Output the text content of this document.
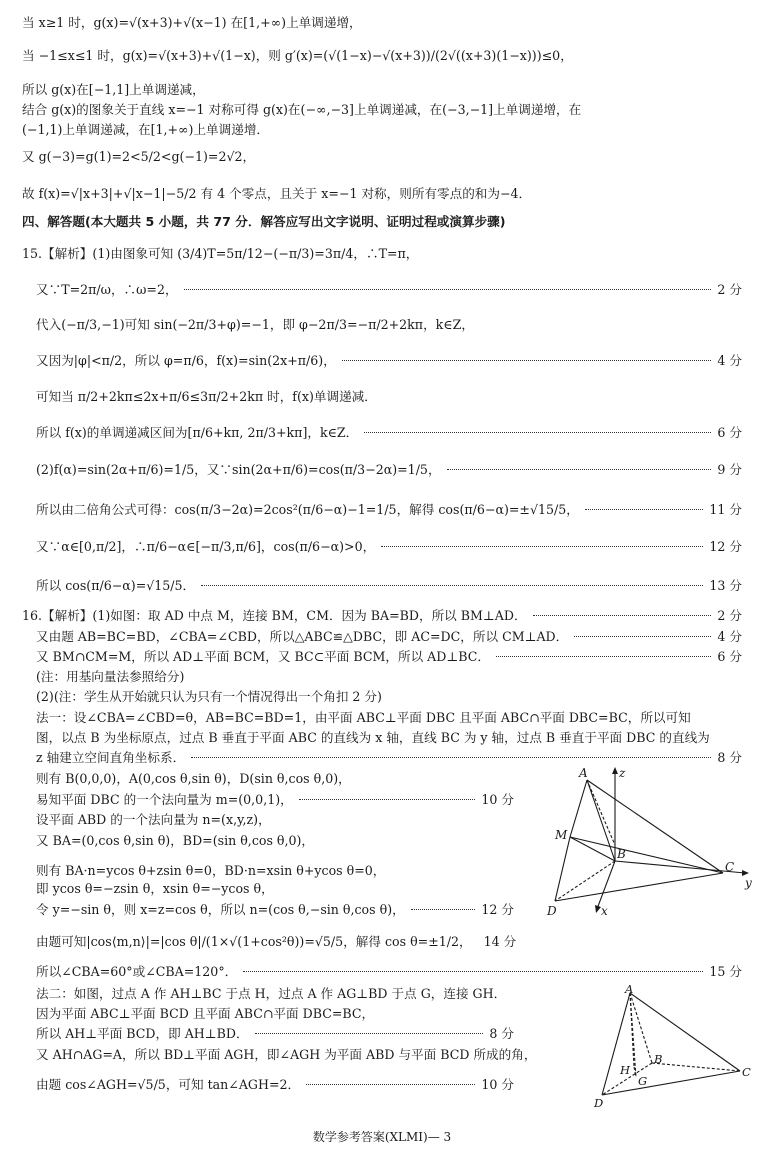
当 x≥1 时，g(x)=√(x+3)+√(x−1) 在[1,+∞)上单调递增，
当 −1≤x≤1 时，g(x)=√(x+3)+√(1−x)，则 g′(x)=(√(1−x)−√(x+3))/(2√((x+3)(1−x)))≤0，
所以 g(x)在[−1,1]上单调递减，
结合 g(x)的图象关于直线 x=−1 对称可得 g(x)在(−∞,−3]上单调递减，在(−3,−1]上单调递增，在
(−1,1)上单调递减，在[1,+∞)上单调递增．
又 g(−3)=g(1)=2<5/2<g(−1)=2√2，
故 f(x)=√|x+3|+√|x−1|−5/2 有 4 个零点，且关于 x=−1 对称，则所有零点的和为−4．
四、解答题(本大题共 5 小题，共 77 分．解答应写出文字说明、证明过程或演算步骤)
15.【解析】(1)由图象可知 (3/4)T=5π/12−(−π/3)=3π/4，∴T=π，
又∵T=2π/ω，∴ω=2，	2 分
代入(−π/3,−1)可知 sin(−2π/3+φ)=−1，即 φ−2π/3=−π/2+2kπ，k∈Z，
又因为|φ|<π/2，所以 φ=π/6，f(x)=sin(2x+π/6)，	4 分
可知当 π/2+2kπ≤2x+π/6≤3π/2+2kπ 时，f(x)单调递减．
所以 f(x)的单调递减区间为[π/6+kπ, 2π/3+kπ]，k∈Z．	6 分
(2)f(α)=sin(2α+π/6)=1/5，又∵sin(2α+π/6)=cos(π/3−2α)=1/5，	9 分
所以由二倍角公式可得：cos(π/3−2α)=2cos²(π/6−α)−1=1/5，解得 cos(π/6−α)=±√15/5，	11 分
又∵α∈[0,π/2]，∴π/6−α∈[−π/3,π/6]，cos(π/6−α)>0，	12 分
所以 cos(π/6−α)=√15/5．	13 分
16.【解析】(1)如图：取 AD 中点 M，连接 BM，CM．因为 BA=BD，所以 BM⊥AD．	2 分
又由题 AB=BC=BD，∠CBA=∠CBD，所以△ABC≌△DBC，即 AC=DC，所以 CM⊥AD．	4 分
又 BM∩CM=M，所以 AD⊥平面 BCM，又 BC⊂平面 BCM，所以 AD⊥BC．	6 分
(注：用基向量法参照给分)
(2)(注：学生从开始就只认为只有一个情况得出一个角扣 2 分)
法一：设∠CBA=∠CBD=θ，AB=BC=BD=1，由平面 ABC⊥平面 DBC 且平面 ABC∩平面 DBC=BC，所以可知
图，以点 B 为坐标原点，过点 B 垂直于平面 ABC 的直线为 x 轴，直线 BC 为 y 轴，过点 B 垂直于平面 DBC 的直线为
z 轴建立空间直角坐标系．	8 分
则有 B(0,0,0)，A(0,cos θ,sin θ)，D(sin θ,cos θ,0)，
易知平面 DBC 的一个法向量为 m=(0,0,1)，	10 分
设平面 ABD 的一个法向量为 n=(x,y,z)，
又 BA=(0,cos θ,sin θ)，BD=(sin θ,cos θ,0)，
则有 BA·n=ycos θ+zsin θ=0，BD·n=xsin θ+ycos θ=0，
即 ycos θ=−zsin θ，xsin θ=−ycos θ，
令 y=−sin θ，则 x=z=cos θ，所以 n=(cos θ,−sin θ,cos θ)，	12 分
由题可知|cos⟨m,n⟩|=|cos θ|/(1×√(1+cos²θ))=√5/5，解得 cos θ=±1/2， 14 分
所以∠CBA=60°或∠CBA=120°．	15 分
法二：如图，过点 A 作 AH⊥BC 于点 H，过点 A 作 AG⊥BD 于点 G，连接 GH．
因为平面 ABC⊥平面 BCD 且平面 ABC∩平面 DBC=BC，
所以 AH⊥平面 BCD，即 AH⊥BD．	8 分
又 AH∩AG=A，所以 BD⊥平面 AGH，即∠AGH 为平面 ABD 与平面 BCD 所成的角，
由题 cos∠AGH=√5/5，可知 tan∠AGH=2．	10 分
A	z
M
B
C
y
D	x
A
B
H
G
C
D
数学参考答案(XLMI)— 3
